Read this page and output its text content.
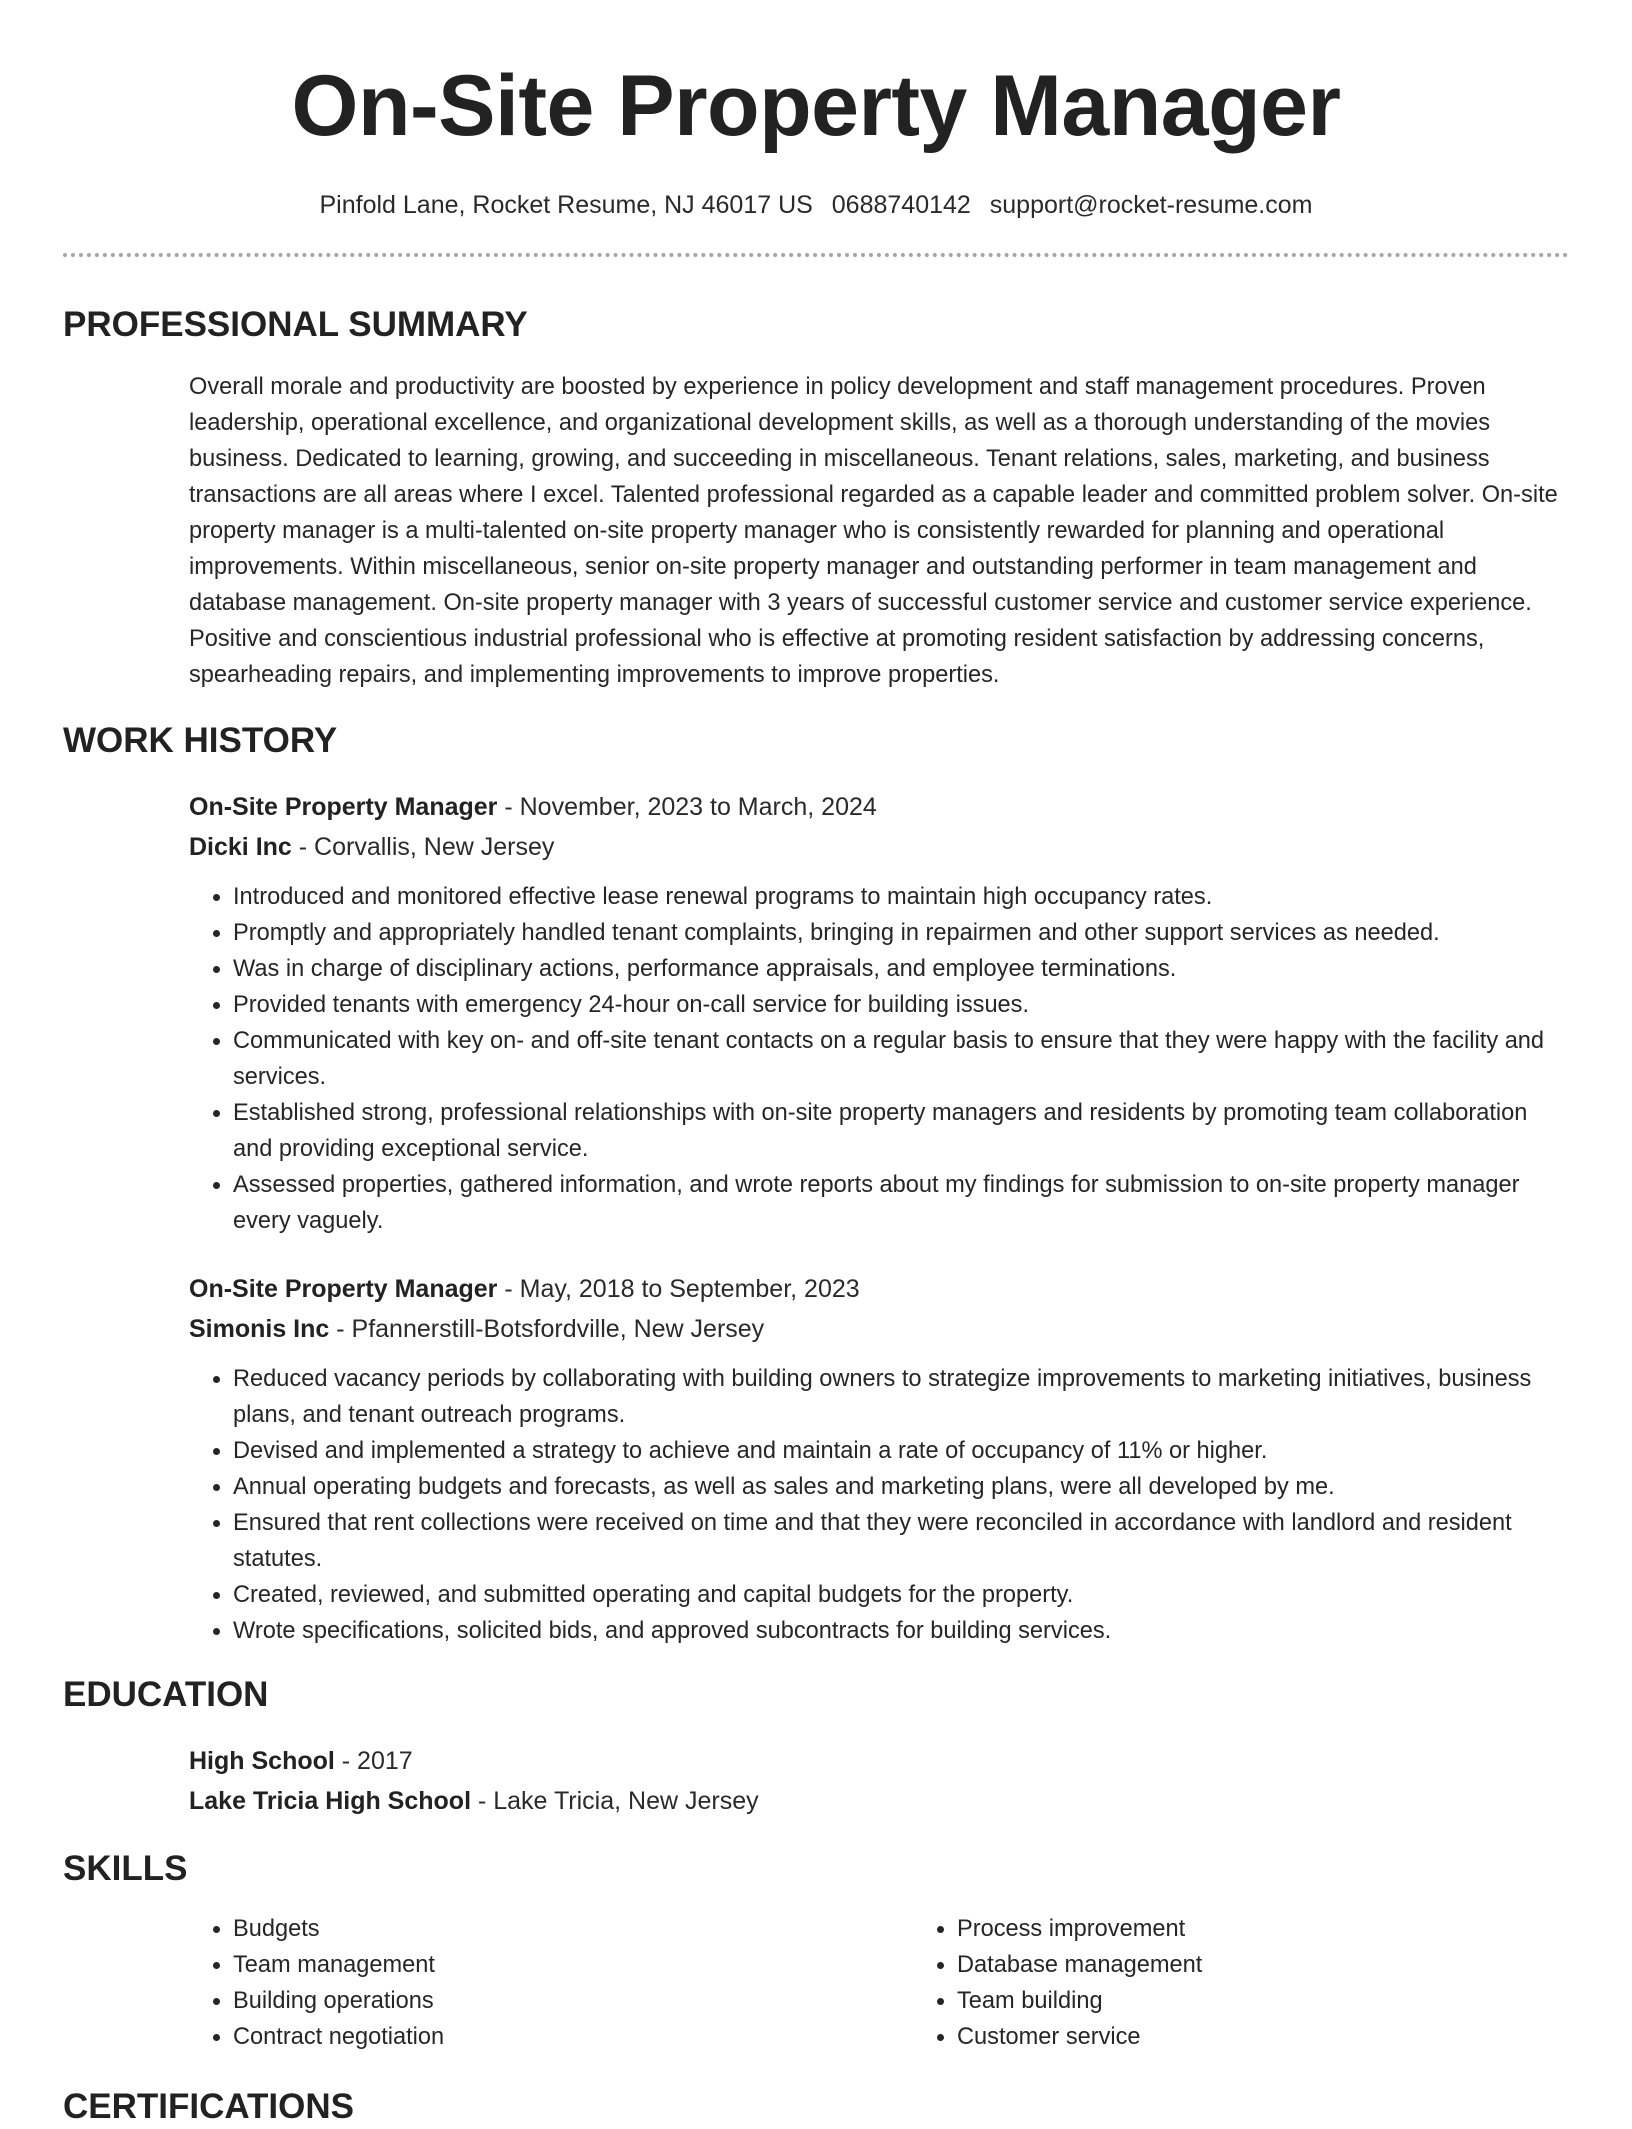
On-Site Property Manager
Pinfold Lane, Rocket Resume, NJ 46017 US 0688740142 support@rocket-resume.com
PROFESSIONAL SUMMARY

Overall morale and productivity are boosted by experience in policy development and staff management procedures. Proven leadership, operational excellence, and organizational development skills, as well as a thorough understanding of the movies business. Dedicated to learning, growing, and succeeding in miscellaneous. Tenant relations, sales, marketing, and business transactions are all areas where I excel. Talented professional regarded as a capable leader and committed problem solver. On-site property manager is a multi-talented on-site property manager who is consistently rewarded for planning and operational improvements. Within miscellaneous, senior on-site property manager and outstanding performer in team management and database management. On-site property manager with 3 years of successful customer service and customer service experience. Positive and conscientious industrial professional who is effective at promoting resident satisfaction by addressing concerns, spearheading repairs, and implementing improvements to improve properties.

WORK HISTORY
On-Site Property Manager - November, 2023 to March, 2024
Dicki Inc - Corvallis, New Jersey
• Introduced and monitored effective lease renewal programs to maintain high occupancy rates.
• Promptly and appropriately handled tenant complaints, bringing in repairmen and other support services as needed.
• Was in charge of disciplinary actions, performance appraisals, and employee terminations.
• Provided tenants with emergency 24-hour on-call service for building issues.
• Communicated with key on- and off-site tenant contacts on a regular basis to ensure that they were happy with the facility and services.
• Established strong, professional relationships with on-site property managers and residents by promoting team collaboration and providing exceptional service.
• Assessed properties, gathered information, and wrote reports about my findings for submission to on-site property manager every vaguely.
On-Site Property Manager - May, 2018 to September, 2023
Simonis Inc - Pfannerstill-Botsfordville, New Jersey
• Reduced vacancy periods by collaborating with building owners to strategize improvements to marketing initiatives, business plans, and tenant outreach programs.
• Devised and implemented a strategy to achieve and maintain a rate of occupancy of 11% or higher.
• Annual operating budgets and forecasts, as well as sales and marketing plans, were all developed by me.
• Ensured that rent collections were received on time and that they were reconciled in accordance with landlord and resident statutes.
• Created, reviewed, and submitted operating and capital budgets for the property.
• Wrote specifications, solicited bids, and approved subcontracts for building services.
EDUCATION
High School - 2017
Lake Tricia High School - Lake Tricia, New Jersey
SKILLS
• Budgets
• Team management
• Building operations
• Contract negotiation
• Process improvement
• Database management
• Team building
• Customer service
CERTIFICATIONS
